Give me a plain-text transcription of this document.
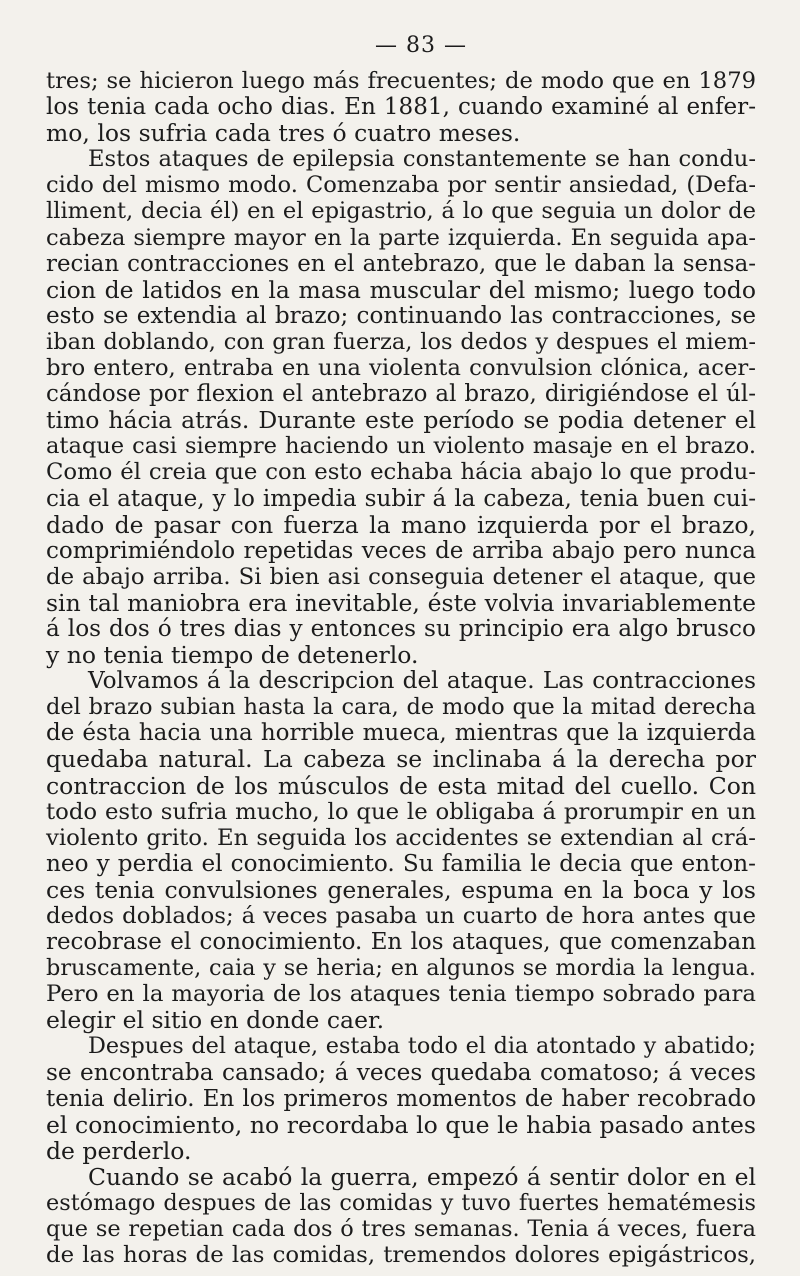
— 83 —
tres; se hicieron luego más frecuentes; de modo que en 1879
los tenia cada ocho dias. En 1881, cuando examiné al enfer-
mo, los sufria cada tres ó cuatro meses.
Estos ataques de epilepsia constantemente se han condu-
cido del mismo modo. Comenzaba por sentir ansiedad, (Defa-
lliment, decia él) en el epigastrio, á lo que seguia un dolor de
cabeza siempre mayor en la parte izquierda. En seguida apa-
recian contracciones en el antebrazo, que le daban la sensa-
cion de latidos en la masa muscular del mismo; luego todo
esto se extendia al brazo; continuando las contracciones, se
iban doblando, con gran fuerza, los dedos y despues el miem-
bro entero, entraba en una violenta convulsion clónica, acer-
cándose por flexion el antebrazo al brazo, dirigiéndose el úl-
timo hácia atrás. Durante este período se podia detener el
ataque casi siempre haciendo un violento masaje en el brazo.
Como él creia que con esto echaba hácia abajo lo que produ-
cia el ataque, y lo impedia subir á la cabeza, tenia buen cui-
dado de pasar con fuerza la mano izquierda por el brazo,
comprimiéndolo repetidas veces de arriba abajo pero nunca
de abajo arriba. Si bien asi conseguia detener el ataque, que
sin tal maniobra era inevitable, éste volvia invariablemente
á los dos ó tres dias y entonces su principio era algo brusco
y no tenia tiempo de detenerlo.
Volvamos á la descripcion del ataque. Las contracciones
del brazo subian hasta la cara, de modo que la mitad derecha
de ésta hacia una horrible mueca, mientras que la izquierda
quedaba natural. La cabeza se inclinaba á la derecha por
contraccion de los músculos de esta mitad del cuello. Con
todo esto sufria mucho, lo que le obligaba á prorumpir en un
violento grito. En seguida los accidentes se extendian al crá-
neo y perdia el conocimiento. Su familia le decia que enton-
ces tenia convulsiones generales, espuma en la boca y los
dedos doblados; á veces pasaba un cuarto de hora antes que
recobrase el conocimiento. En los ataques, que comenzaban
bruscamente, caia y se heria; en algunos se mordia la lengua.
Pero en la mayoria de los ataques tenia tiempo sobrado para
elegir el sitio en donde caer.
Despues del ataque, estaba todo el dia atontado y abatido;
se encontraba cansado; á veces quedaba comatoso; á veces
tenia delirio. En los primeros momentos de haber recobrado
el conocimiento, no recordaba lo que le habia pasado antes
de perderlo.
Cuando se acabó la guerra, empezó á sentir dolor en el
estómago despues de las comidas y tuvo fuertes hematémesis
que se repetian cada dos ó tres semanas. Tenia á veces, fuera
de las horas de las comidas, tremendos dolores epigástricos,
